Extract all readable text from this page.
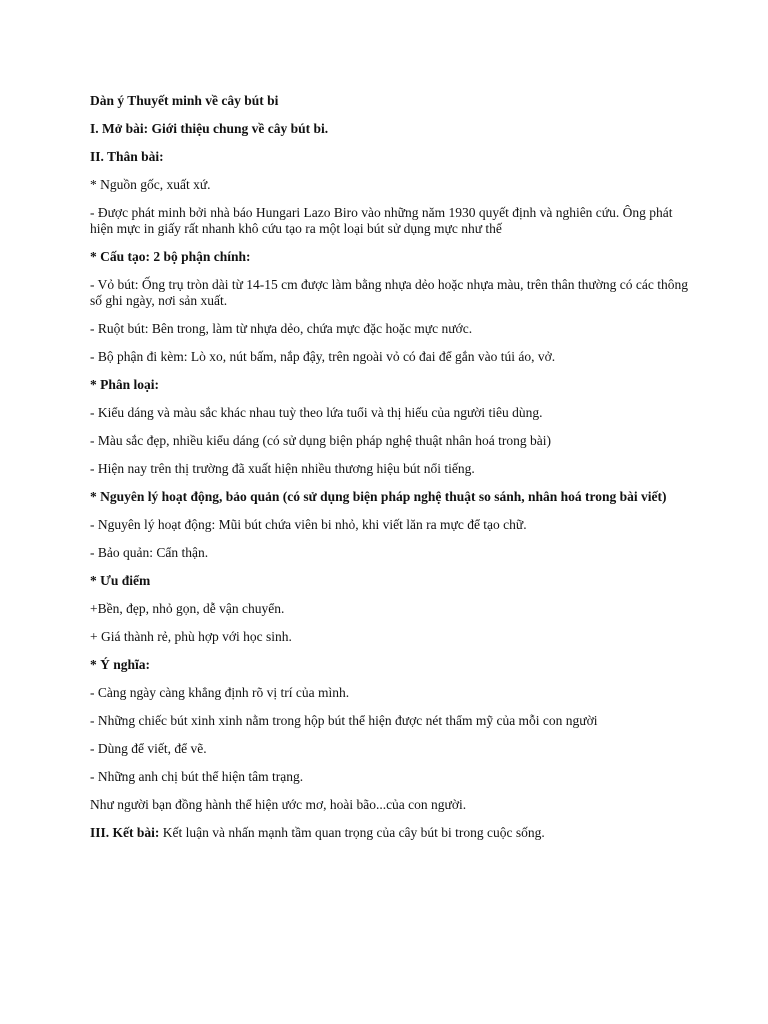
Dàn ý Thuyết minh về cây bút bi

I. Mở bài: Giới thiệu chung về cây bút bi.

II. Thân bài:

* Nguồn gốc, xuất xứ.

- Được phát minh bởi nhà báo Hungari Lazo Biro vào những năm 1930 quyết định và nghiên cứu. Ông phát hiện mực in giấy rất nhanh khô cứu tạo ra một loại bút sử dụng mực như thế

* Cấu tạo: 2 bộ phận chính:

- Vỏ bút: Ống trụ tròn dài từ 14-15 cm được làm bằng nhựa dẻo hoặc nhựa màu, trên thân thường có các thông số ghi ngày, nơi sản xuất.

- Ruột bút: Bên trong, làm từ nhựa dẻo, chứa mực đặc hoặc mực nước.

- Bộ phận đi kèm: Lò xo, nút bấm, nắp đậy, trên ngoài vỏ có đai để gắn vào túi áo, vở.

* Phân loại:

- Kiểu dáng và màu sắc khác nhau tuỳ theo lứa tuổi và thị hiếu của người tiêu dùng.

- Màu sắc đẹp, nhiều kiểu dáng (có sử dụng biện pháp nghệ thuật nhân hoá trong bài)

- Hiện nay trên thị trường đã xuất hiện nhiều thương hiệu bút nổi tiếng.

* Nguyên lý hoạt động, bảo quản (có sử dụng biện pháp nghệ thuật so sánh, nhân hoá trong bài viết)

- Nguyên lý hoạt động: Mũi bút chứa viên bi nhỏ, khi viết lăn ra mực để tạo chữ.

- Bảo quản: Cẩn thận.

* Ưu điểm

+Bền, đẹp, nhỏ gọn, dễ vận chuyển.

+ Giá thành rẻ, phù hợp với học sinh.

* Ý nghĩa:

- Càng ngày càng khẳng định rõ vị trí của mình.

- Những chiếc bút xinh xinh nằm trong hộp bút thể hiện được nét thẩm mỹ của mỗi con người

- Dùng để viết, để vẽ.

- Những anh chị bút thể hiện tâm trạng.

Như người bạn đồng hành thể hiện ước mơ, hoài bão...của con người.

III. Kết bài: Kết luận và nhấn mạnh tầm quan trọng của cây bút bi trong cuộc sống.
